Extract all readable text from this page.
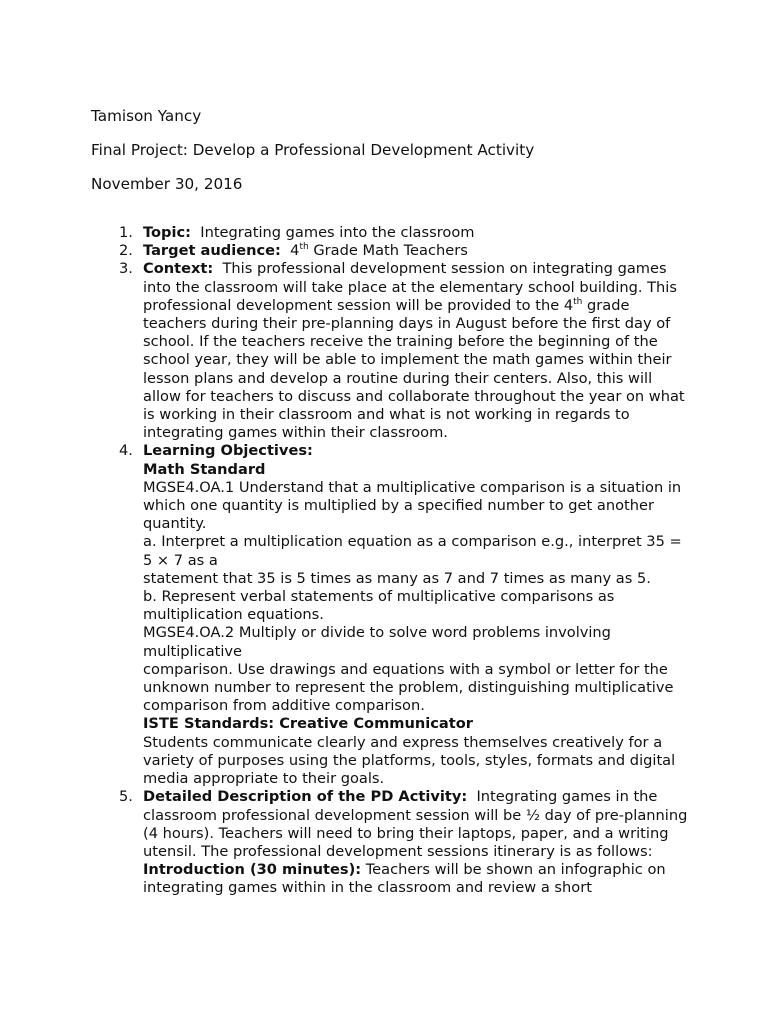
Tamison Yancy

Final Project: Develop a Professional Development Activity

November 30, 2016

1. Topic: Integrating games into the classroom
2. Target audience: 4th Grade Math Teachers
3. Context: This professional development session on integrating games into the classroom will take place at the elementary school building. This professional development session will be provided to the 4th grade teachers during their pre-planning days in August before the first day of school. If the teachers receive the training before the beginning of the school year, they will be able to implement the math games within their lesson plans and develop a routine during their centers. Also, this will allow for teachers to discuss and collaborate throughout the year on what is working in their classroom and what is not working in regards to integrating games within their classroom.
4. Learning Objectives:
Math Standard
MGSE4.OA.1 Understand that a multiplicative comparison is a situation in which one quantity is multiplied by a specified number to get another quantity.
a. Interpret a multiplication equation as a comparison e.g., interpret 35 = 5 × 7 as a
statement that 35 is 5 times as many as 7 and 7 times as many as 5.
b. Represent verbal statements of multiplicative comparisons as multiplication equations.
MGSE4.OA.2 Multiply or divide to solve word problems involving multiplicative
comparison. Use drawings and equations with a symbol or letter for the unknown number to represent the problem, distinguishing multiplicative comparison from additive comparison.
ISTE Standards: Creative Communicator
Students communicate clearly and express themselves creatively for a variety of purposes using the platforms, tools, styles, formats and digital media appropriate to their goals.
5. Detailed Description of the PD Activity: Integrating games in the classroom professional development session will be ½ day of pre-planning (4 hours). Teachers will need to bring their laptops, paper, and a writing utensil. The professional development sessions itinerary is as follows:
Introduction (30 minutes): Teachers will be shown an infographic on integrating games within in the classroom and review a short
